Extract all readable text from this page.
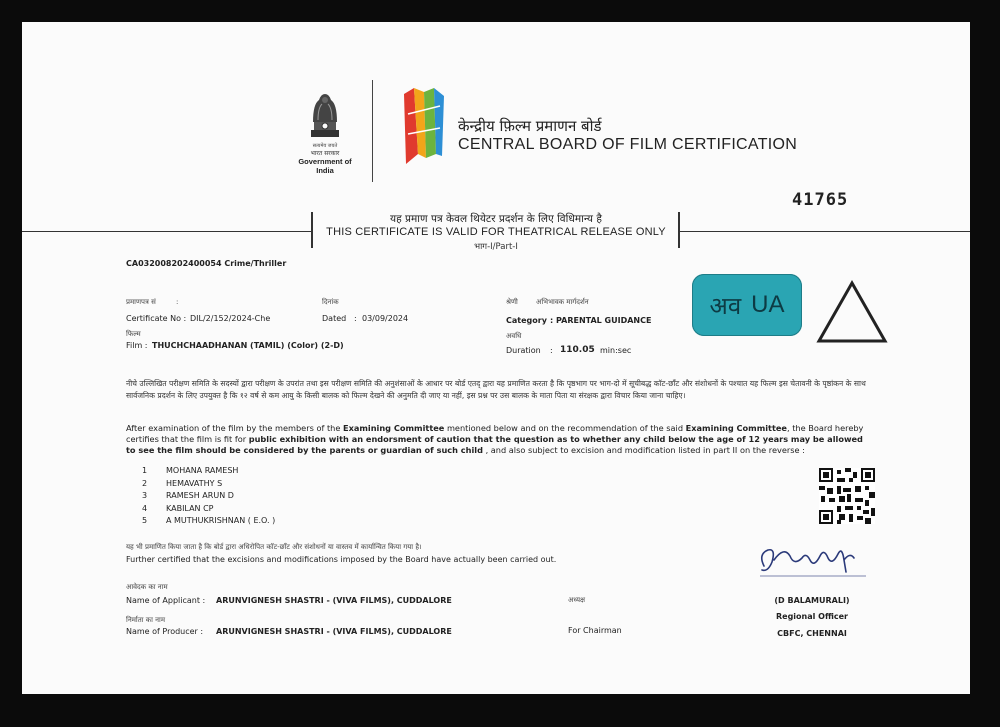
सत्यमेव जयते
भारत सरकार
Government of India
केन्द्रीय फ़िल्म प्रमाणन बोर्ड
CENTRAL BOARD OF FILM CERTIFICATION
41765
यह प्रमाण पत्र केवल थियेटर प्रदर्शन के लिए विधिमान्य है
THIS CERTIFICATE IS VALID FOR THEATRICAL RELEASE ONLY
भाग-I/Part-I
CA032008202400054 Crime/Thriller
प्रमाणपत्र सं	:
Certificate No : DIL/2/152/2024-Che
दिनांक
Dated : 03/09/2024
फिल्म
Film : THUCHCHAADHANAN (TAMIL) (Color) (2-D)
श्रेणी	अभिभावक मार्गदर्शन
Category : PARENTAL GUIDANCE
अवधि
Duration : 110.05 min:sec
अव UA
नीचे उल्लिखित परीक्षण समिति के सदस्यों द्वारा परीक्षण के उपरांत तथा इस परीक्षण समिति की अनुशंसाओं के आधार पर बोर्ड एतद् द्वारा यह प्रमाणित करता है कि पृष्ठभाग पर भाग-दो में सूचीबद्ध कॉट-छाँट और संशोधनों के पश्चात यह फिल्म इस चेतावनी के पृष्ठांकन के साथ सार्वजनिक प्रदर्शन के लिए उपयुक्त है कि १२ वर्ष से कम आयु के किसी बालक को फिल्म देखने की अनुमति दी जाए या नहीं, इस प्रश्न पर उस बालक के माता पिता या संरक्षक द्वारा विचार किया जाना चाहिए।
After examination of the film by the members of the Examining Committee mentioned below and on the recommendation of the said Examining Committee, the Board hereby certifies that the film is fit for public exhibition with an endorsment of caution that the question as to whether any child below the age of 12 years may be allowed to see the film should be considered by the parents or guardian of such child , and also subject to excision and modification listed in part II on the reverse :
1 MOHANA RAMESH
2 HEMAVATHY S
3 RAMESH ARUN D
4 KABILAN CP
5 A MUTHUKRISHNAN ( E.O. )
यह भी प्रमाणित किया जाता है कि बोर्ड द्वारा अधिरोपित कॉट-छाँट और संशोधनों या वास्तव में कार्यान्वित किया गया है।
Further certified that the excisions and modifications imposed by the Board have actually been carried out.
आवेदक का नाम
Name of Applicant : ARUNVIGNESH SHASTRI - (VIVA FILMS), CUDDALORE
निर्माता का नाम
Name of Producer : ARUNVIGNESH SHASTRI - (VIVA FILMS), CUDDALORE
अध्यक्ष
For Chairman
(D BALAMURALI)
Regional Officer
CBFC, CHENNAI
